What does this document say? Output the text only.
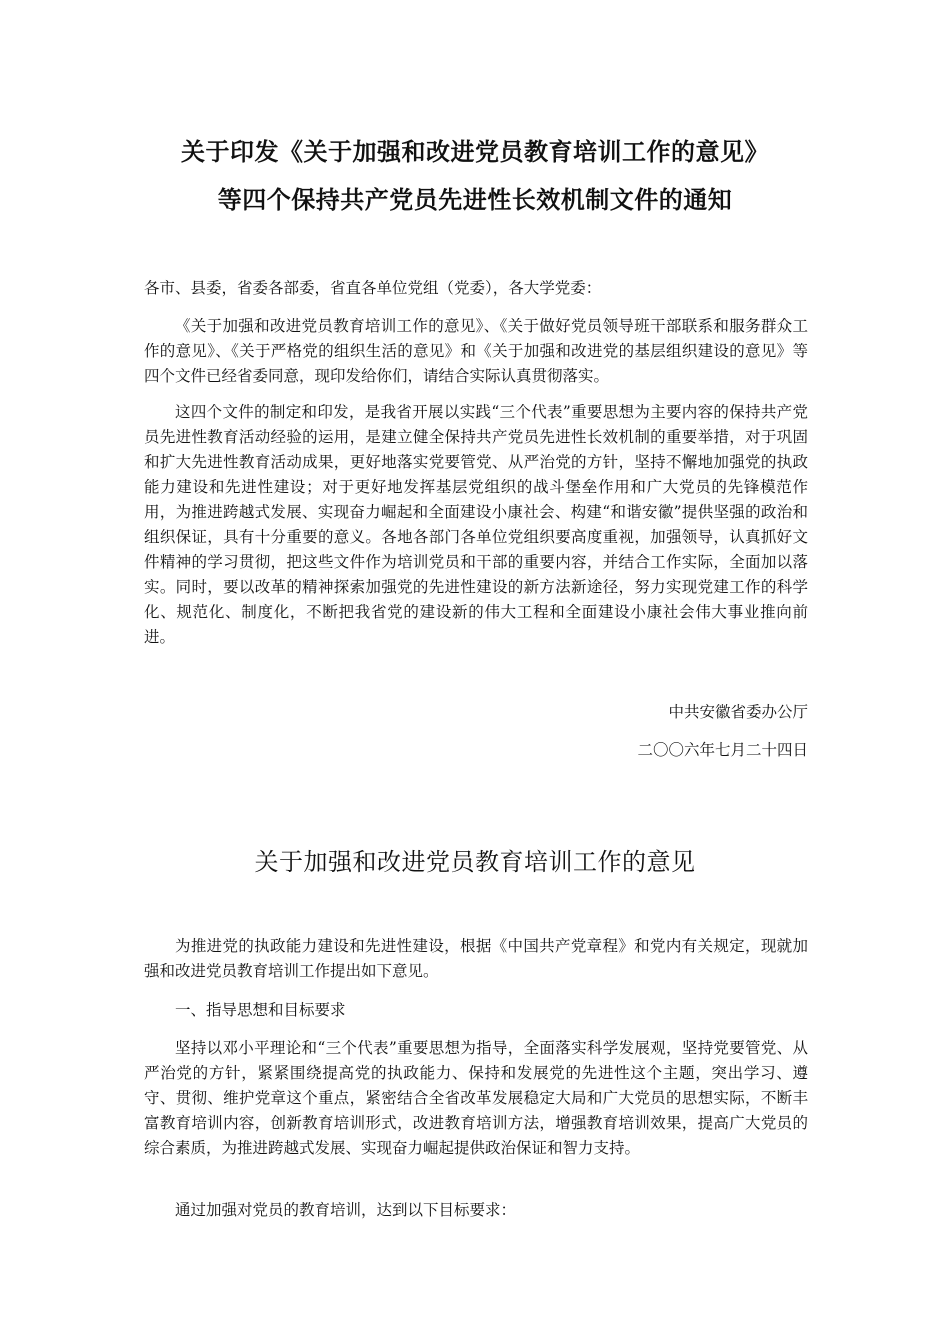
关于印发《关于加强和改进党员教育培训工作的意见》
等四个保持共产党员先进性长效机制文件的通知
各市、县委，省委各部委，省直各单位党组（党委），各大学党委：
《关于加强和改进党员教育培训工作的意见》、《关于做好党员领导班干部联系和服务群众工作的意见》、《关于严格党的组织生活的意见》和《关于加强和改进党的基层组织建设的意见》等四个文件已经省委同意，现印发给你们，请结合实际认真贯彻落实。
这四个文件的制定和印发，是我省开展以实践“三个代表”重要思想为主要内容的保持共产党员先进性教育活动经验的运用，是建立健全保持共产党员先进性长效机制的重要举措，对于巩固和扩大先进性教育活动成果，更好地落实党要管党、从严治党的方针，坚持不懈地加强党的执政能力建设和先进性建设；对于更好地发挥基层党组织的战斗堡垒作用和广大党员的先锋模范作用，为推进跨越式发展、实现奋力崛起和全面建设小康社会、构建“和谐安徽”提供坚强的政治和组织保证，具有十分重要的意义。各地各部门各单位党组织要高度重视，加强领导，认真抓好文件精神的学习贯彻，把这些文件作为培训党员和干部的重要内容，并结合工作实际，全面加以落实。同时，要以改革的精神探索加强党的先进性建设的新方法新途径，努力实现党建工作的科学化、规范化、制度化，不断把我省党的建设新的伟大工程和全面建设小康社会伟大事业推向前进。
中共安徽省委办公厅
二〇〇六年七月二十四日
关于加强和改进党员教育培训工作的意见
为推进党的执政能力建设和先进性建设，根据《中国共产党章程》和党内有关规定，现就加强和改进党员教育培训工作提出如下意见。
一、指导思想和目标要求
坚持以邓小平理论和“三个代表”重要思想为指导，全面落实科学发展观，坚持党要管党、从严治党的方针，紧紧围绕提高党的执政能力、保持和发展党的先进性这个主题，突出学习、遵守、贯彻、维护党章这个重点，紧密结合全省改革发展稳定大局和广大党员的思想实际，不断丰富教育培训内容，创新教育培训形式，改进教育培训方法，增强教育培训效果，提高广大党员的综合素质，为推进跨越式发展、实现奋力崛起提供政治保证和智力支持。
通过加强对党员的教育培训，达到以下目标要求：
